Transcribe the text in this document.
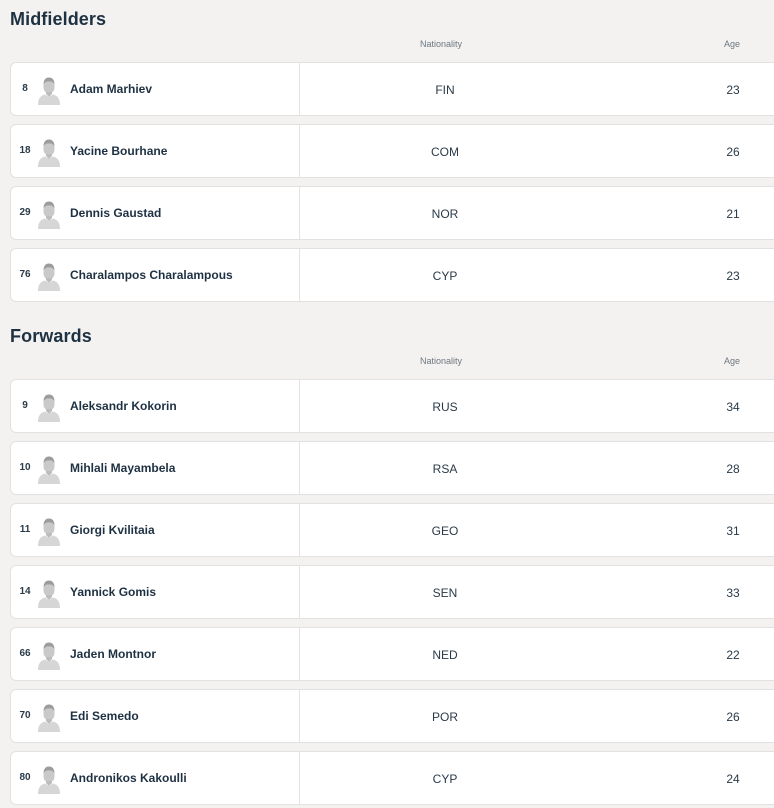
Midfielders
Nationality	Age
8	Adam Marhiev	FIN	23
18	Yacine Bourhane	COM	26
29	Dennis Gaustad	NOR	21
76	Charalampos Charalampous	CYP	23
Forwards
Nationality	Age
9	Aleksandr Kokorin	RUS	34
10	Mihlali Mayambela	RSA	28
11	Giorgi Kvilitaia	GEO	31
14	Yannick Gomis	SEN	33
66	Jaden Montnor	NED	22
70	Edi Semedo	POR	26
80	Andronikos Kakoulli	CYP	24
